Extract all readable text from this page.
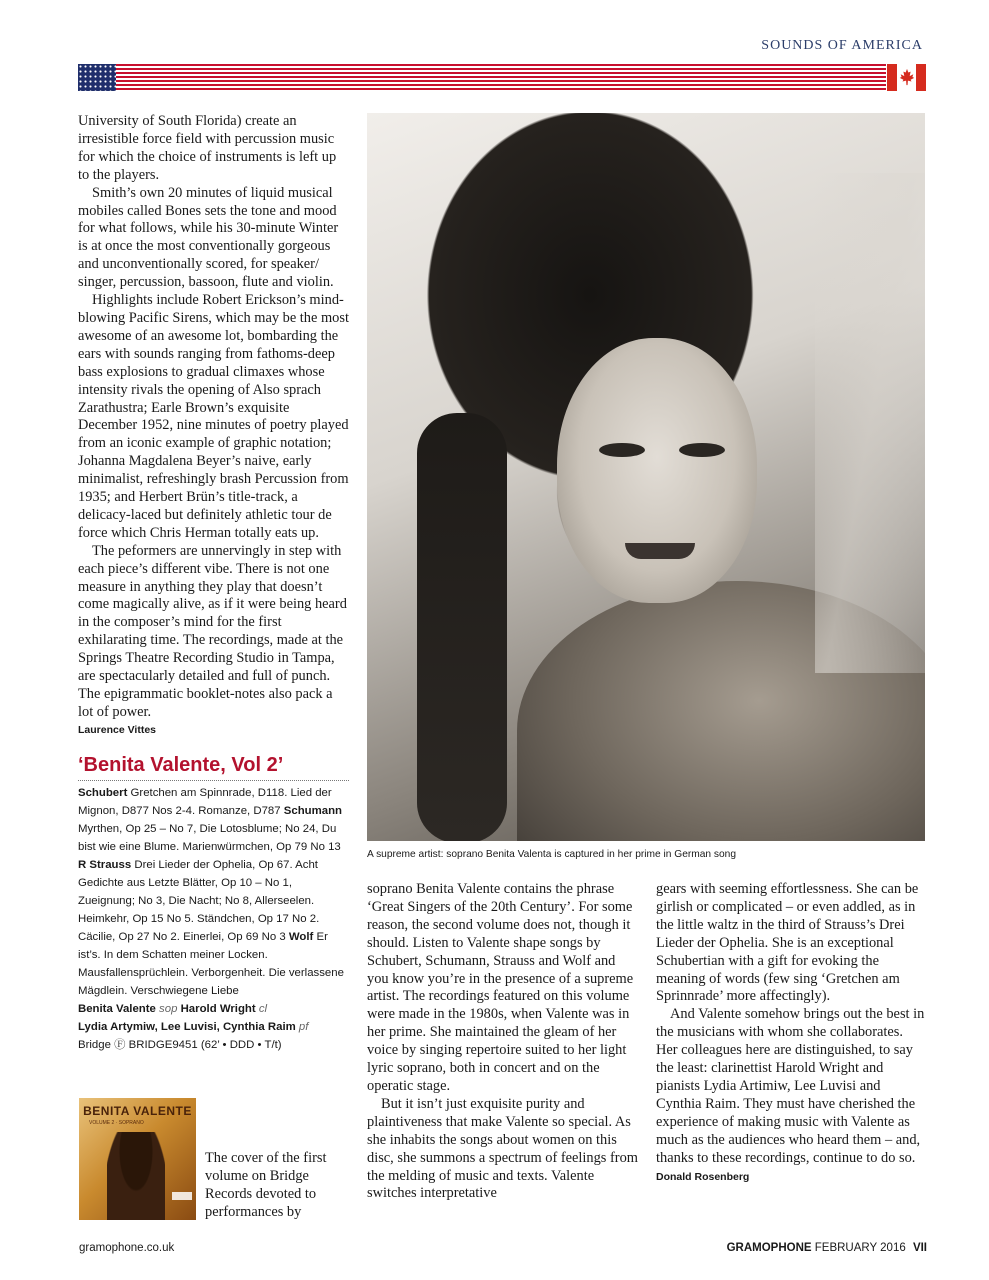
SOUNDS OF AMERICA

University of South Florida) create an irresistible force field with percussion music for which the choice of instruments is left up to the players.

Smith’s own 20 minutes of liquid musical mobiles called Bones sets the tone and mood for what follows, while his 30-minute Winter is at once the most conventionally gorgeous and unconventionally scored, for speaker/ singer, percussion, bassoon, flute and violin.

Highlights include Robert Erickson’s mind-blowing Pacific Sirens, which may be the most awesome of an awesome lot, bombarding the ears with sounds ranging from fathoms-deep bass explosions to gradual climaxes whose intensity rivals the opening of Also sprach Zarathustra; Earle Brown’s exquisite December 1952, nine minutes of poetry played from an iconic example of graphic notation; Johanna Magdalena Beyer’s naive, early minimalist, refreshingly brash Percussion from 1935; and Herbert Brün’s title-track, a delicacy-laced but definitely athletic tour de force which Chris Herman totally eats up.

The peformers are unnervingly in step with each piece’s different vibe. There is not one measure in anything they play that doesn’t come magically alive, as if it were being heard in the composer’s mind for the first exhilarating time. The recordings, made at the Springs Theatre Recording Studio in Tampa, are spectacularly detailed and full of punch. The epigrammatic booklet-notes also pack a lot of power.

Laurence Vittes
‘Benita Valente, Vol 2’
Schubert Gretchen am Spinnrade, D118. Lied der Mignon, D877 Nos 2-4. Romanze, D787 Schumann Myrthen, Op 25 – No 7, Die Lotosblume; No 24, Du bist wie eine Blume. Marienwürmchen, Op 79 No 13 R Strauss Drei Lieder der Ophelia, Op 67. Acht Gedichte aus Letzte Blätter, Op 10 – No 1, Zueignung; No 3, Die Nacht; No 8, Allerseelen. Heimkehr, Op 15 No 5. Ständchen, Op 17 No 2. Cäcilie, Op 27 No 2. Einerlei, Op 69 No 3 Wolf Er ist’s. In dem Schatten meiner Locken. Mausfallensprüchlein. Verborgenheit. Die verlassene Mägdlein. Verschwiegene Liebe
Benita Valente sop Harold Wright cl
Lydia Artymiw, Lee Luvisi, Cynthia Raim pf
Bridge Ⓕ BRIDGE9451 (62’ • DDD • T/t)
BENITA VALENTE
VOLUME 2 · SOPRANO
The cover of the first volume on Bridge Records devoted to performances by
A supreme artist: soprano Benita Valenta is captured in her prime in German song

soprano Benita Valente contains the phrase ‘Great Singers of the 20th Century’. For some reason, the second volume does not, though it should. Listen to Valente shape songs by Schubert, Schumann, Strauss and Wolf and you know you’re in the presence of a supreme artist. The recordings featured on this volume were made in the 1980s, when Valente was in her prime. She maintained the gleam of her voice by singing repertoire suited to her light lyric soprano, both in concert and on the operatic stage.

But it isn’t just exquisite purity and plaintiveness that make Valente so special. As she inhabits the songs about women on this disc, she summons a spectrum of feelings from the melding of music and texts. Valente switches interpretative

gears with seeming effortlessness. She can be girlish or complicated – or even addled, as in the little waltz in the third of Strauss’s Drei Lieder der Ophelia. She is an exceptional Schubertian with a gift for evoking the meaning of words (few sing ‘Gretchen am Sprinnrade’ more affectingly).

And Valente somehow brings out the best in the musicians with whom she collaborates. Her colleagues here are distinguished, to say the least: clarinettist Harold Wright and pianists Lydia Artimiw, Lee Luvisi and Cynthia Raim. They must have cherished the experience of making music with Valente as much as the audiences who heard them – and, thanks to these recordings, continue to do so. Donald Rosenberg

gramophone.co.uk	GRAMOPHONE FEBRUARY 2016 VII
